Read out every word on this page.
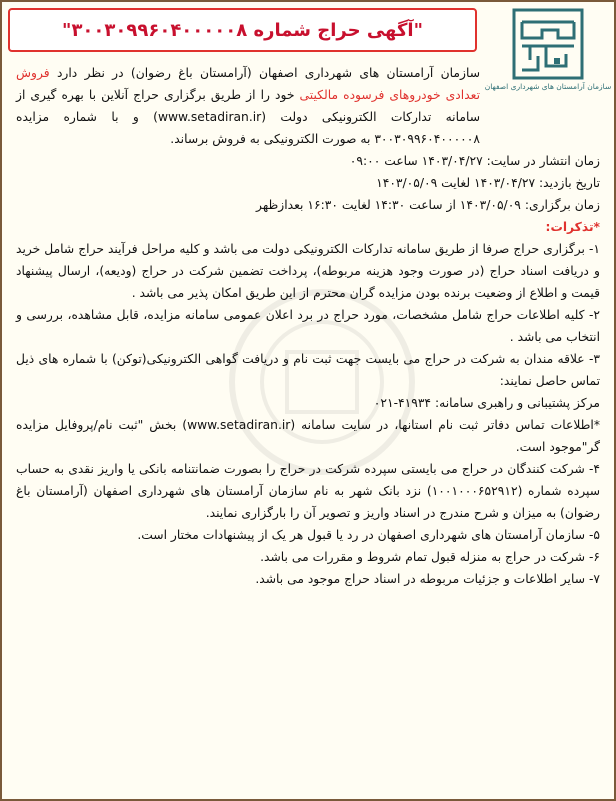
"آگهی حراج شماره ۳۰۰۳۰۹۹۶۰۴۰۰۰۰۰۸"
سازمان آرامستان های شهرداری اصفهان

سازمان آرامستان های شهرداری اصفهان (آرامستان باغ رضوان) در نظر دارد فروش تعدادی خودروهای فرسوده مالکیتی خود را از طریق برگزاری حراج آنلاین با بهره گیری از سامانه تدارکات الکترونیکی دولت (www.setadiran.ir) و با شماره مزایده ۳۰۰۳۰۹۹۶۰۴۰۰۰۰۰۸ به صورت الکترونیکی به فروش برساند.

زمان انتشار در سایت: ۱۴۰۳/۰۴/۲۷ ساعت ۰۹:۰۰

تاریخ بازدید: ۱۴۰۳/۰۴/۲۷ لغایت ۱۴۰۳/۰۵/۰۹

زمان برگزاری: ۱۴۰۳/۰۵/۰۹ از ساعت ۱۴:۳۰ لغایت ۱۶:۳۰ بعدازظهر

*تذکرات:

۱- برگزاری حراج صرفا از طریق سامانه تدارکات الکترونیکی دولت می باشد و کلیه مراحل فرآیند حراج شامل خرید و دریافت اسناد حراج (در صورت وجود هزینه مربوطه)، پرداخت تضمین شرکت در حراج (ودیعه)، ارسال پیشنهاد قیمت و اطلاع از وضعیت برنده بودن مزایده گران محترم از این طریق امکان پذیر می باشد .

۲- کلیه اطلاعات حراج شامل مشخصات، مورد حراج در برد اعلان عمومی سامانه مزایده، قابل مشاهده، بررسی و انتخاب می باشد .

۳- علاقه مندان به شرکت در حراج می بایست جهت ثبت نام و دریافت گواهی الکترونیکی(توکن) با شماره های ذیل تماس حاصل نمایند:

مرکز پشتیبانی و راهبری سامانه: ۴۱۹۳۴-۰۲۱

*اطلاعات تماس دفاتر ثبت نام استانها، در سایت سامانه (www.setadiran.ir) بخش "ثبت نام/پروفایل مزایده گر"موجود است.

۴- شرکت کنندگان در حراج می بایستی سپرده شرکت در حراج را بصورت ضمانتنامه بانکی یا واریز نقدی به حساب سپرده شماره (۱۰۰۱۰۰۰۶۵۲۹۱۲) نزد بانک شهر به نام سازمان آرامستان های شهرداری اصفهان (آرامستان باغ رضوان) به میزان و شرح مندرج در اسناد واریز و تصویر آن را بارگزاری نمایند.

۵- سازمان آرامستان های شهرداری اصفهان در رد یا قبول هر یک از پیشنهادات مختار است.

۶- شرکت در حراج به منزله قبول تمام شروط و مقررات می باشد.

۷- سایر اطلاعات و جزئیات مربوطه در اسناد حراج موجود می باشد.
